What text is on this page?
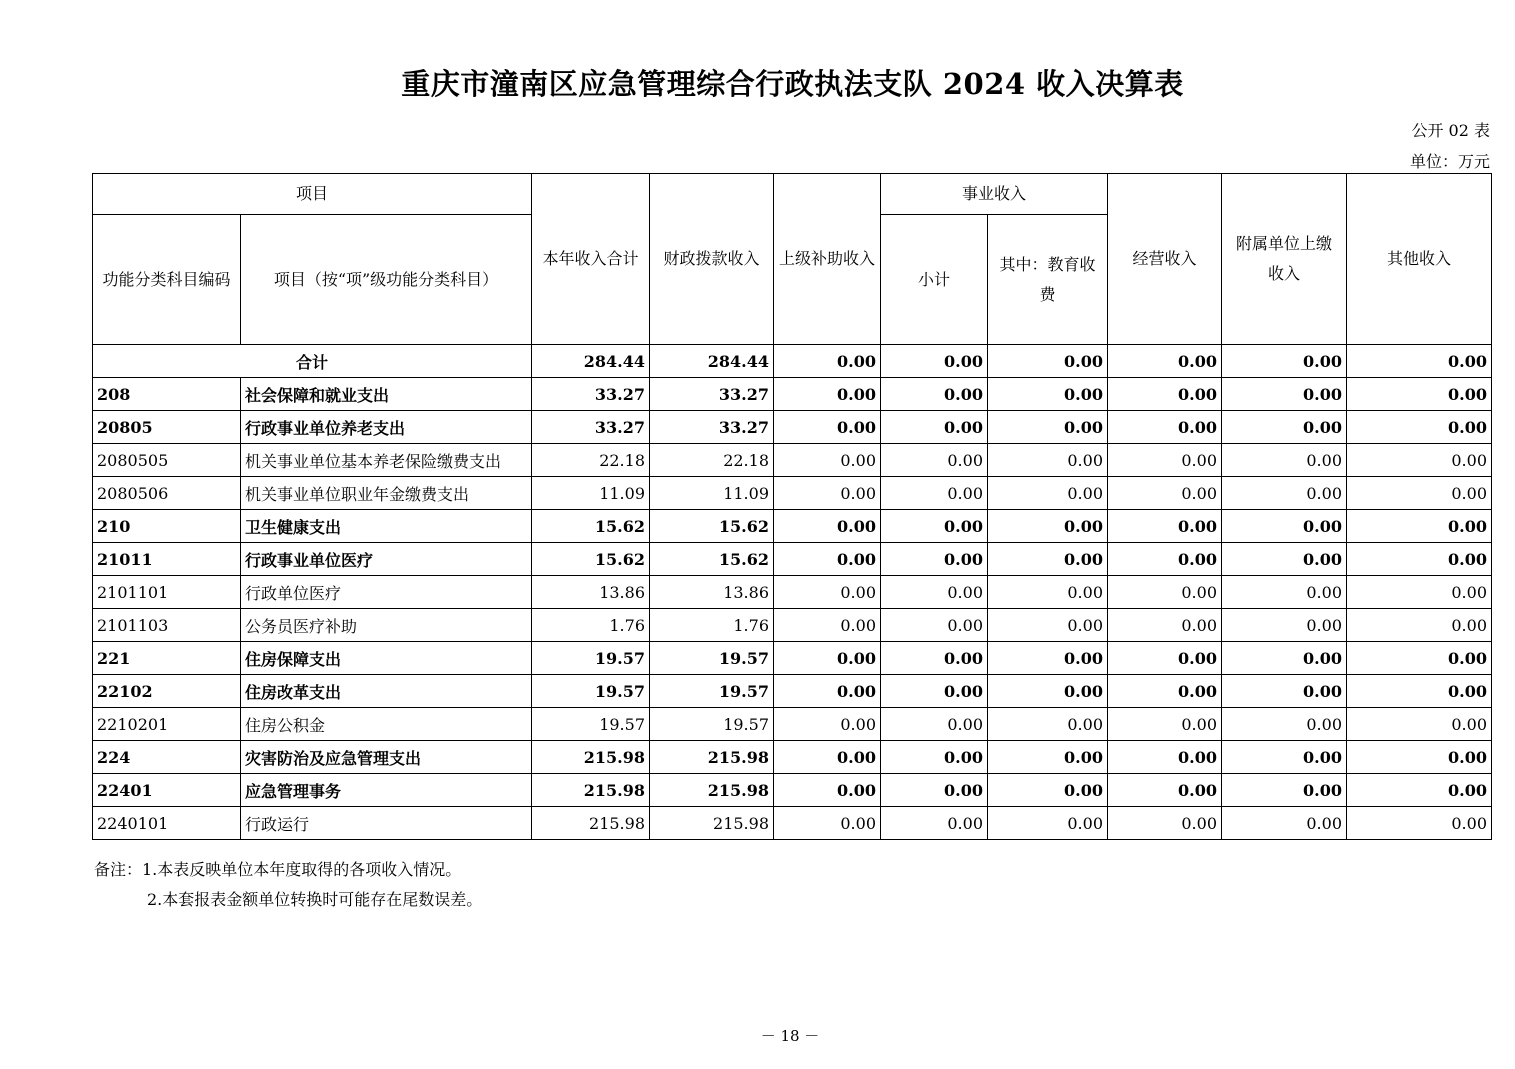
重庆市潼南区应急管理综合行政执法支队 2024 收入决算表
公开 02 表
单位：万元
项目		本年收入合计	财政拨款收入	上级补助收入	事业收入		经营收入	附属单位上缴收入	其他收入
功能分类科目编码	项目（按“项”级功能分类科目）				小计	其中：教育收费			
合计		284.44	284.44	0.00	0.00	0.00	0.00	0.00	0.00
208	社会保障和就业支出	33.27	33.27	0.00	0.00	0.00	0.00	0.00	0.00
20805	行政事业单位养老支出	33.27	33.27	0.00	0.00	0.00	0.00	0.00	0.00
2080505	机关事业单位基本养老保险缴费支出	22.18	22.18	0.00	0.00	0.00	0.00	0.00	0.00
2080506	机关事业单位职业年金缴费支出	11.09	11.09	0.00	0.00	0.00	0.00	0.00	0.00
210	卫生健康支出	15.62	15.62	0.00	0.00	0.00	0.00	0.00	0.00
21011	行政事业单位医疗	15.62	15.62	0.00	0.00	0.00	0.00	0.00	0.00
2101101	行政单位医疗	13.86	13.86	0.00	0.00	0.00	0.00	0.00	0.00
2101103	公务员医疗补助	1.76	1.76	0.00	0.00	0.00	0.00	0.00	0.00
221	住房保障支出	19.57	19.57	0.00	0.00	0.00	0.00	0.00	0.00
22102	住房改革支出	19.57	19.57	0.00	0.00	0.00	0.00	0.00	0.00
2210201	住房公积金	19.57	19.57	0.00	0.00	0.00	0.00	0.00	0.00
224	灾害防治及应急管理支出	215.98	215.98	0.00	0.00	0.00	0.00	0.00	0.00
22401	应急管理事务	215.98	215.98	0.00	0.00	0.00	0.00	0.00	0.00
2240101	行政运行	215.98	215.98	0.00	0.00	0.00	0.00	0.00	0.00
备注：1.本表反映单位本年度取得的各项收入情况。
2.本套报表金额单位转换时可能存在尾数误差。
－ 18 －
